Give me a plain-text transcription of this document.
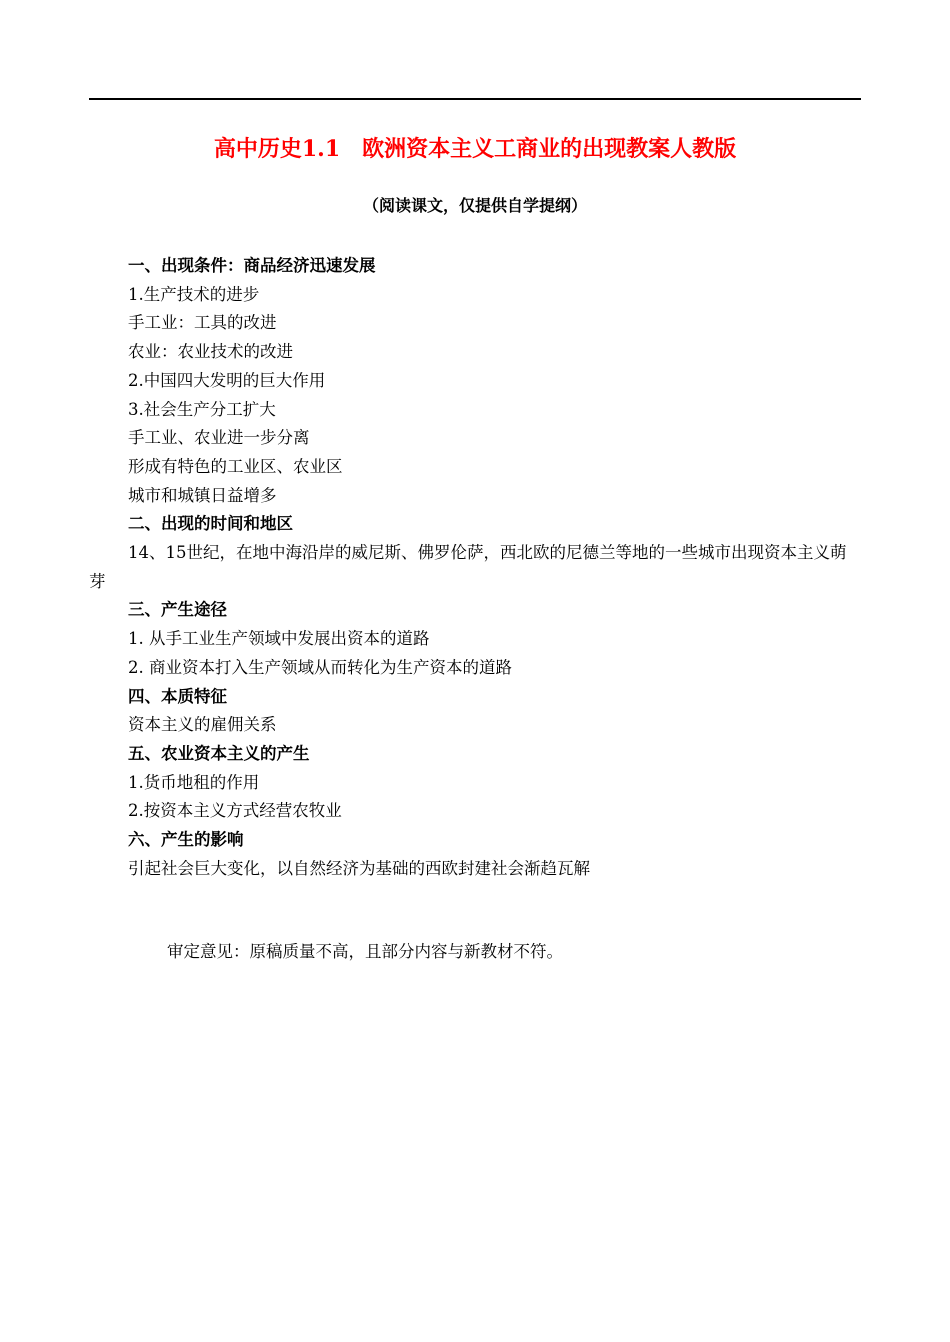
高中历史1.1　欧洲资本主义工商业的出现教案人教版
（阅读课文，仅提供自学提纲）
一、出现条件：商品经济迅速发展
1.生产技术的进步
手工业：工具的改进
农业：农业技术的改进
2.中国四大发明的巨大作用
3.社会生产分工扩大
手工业、农业进一步分离
形成有特色的工业区、农业区
城市和城镇日益增多
二、出现的时间和地区
14、15世纪，在地中海沿岸的威尼斯、佛罗伦萨，西北欧的尼德兰等地的一些城市出现资本主义萌芽
三、产生途径
1. 从手工业生产领域中发展出资本的道路
2. 商业资本打入生产领域从而转化为生产资本的道路
四、本质特征
资本主义的雇佣关系
五、农业资本主义的产生
1.货币地租的作用
2.按资本主义方式经营农牧业
六、产生的影响
引起社会巨大变化，以自然经济为基础的西欧封建社会渐趋瓦解
审定意见：原稿质量不高，且部分内容与新教材不符。
